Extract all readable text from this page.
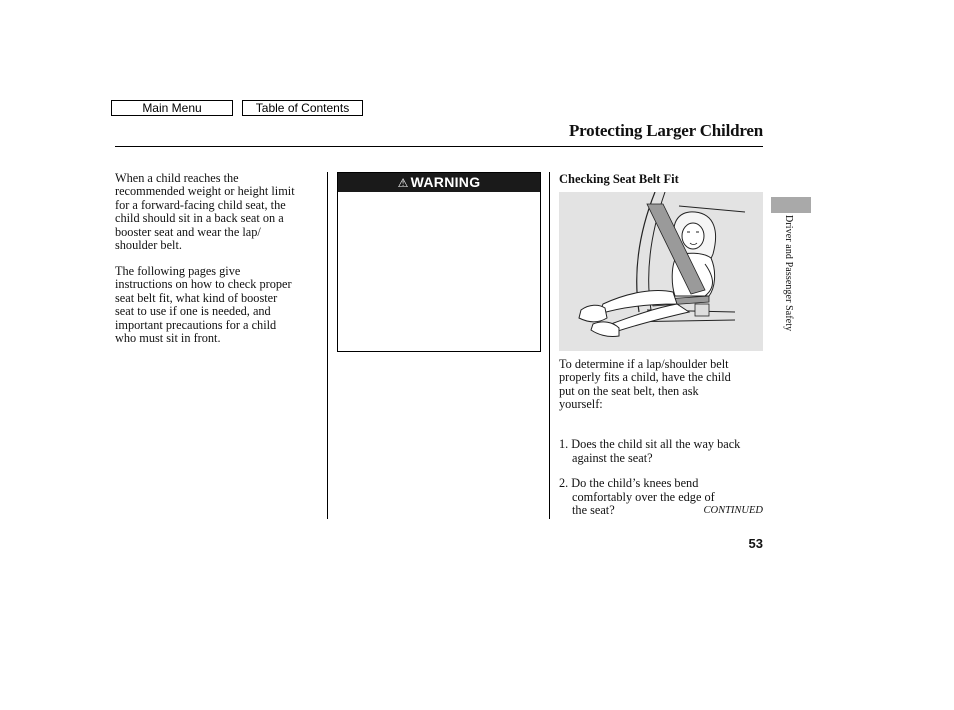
Main Menu	Table of Contents
Protecting Larger Children
When a child reaches the
recommended weight or height limit
for a forward-facing child seat, the
child should sit in a back seat on a
booster seat and wear the lap/
shoulder belt.
The following pages give
instructions on how to check proper
seat belt fit, what kind of booster
seat to use if one is needed, and
important precautions for a child
who must sit in front.
⚠ WARNING	Checking Seat Belt Fit
To determine if a lap/shoulder belt
properly fits a child, have the child
put on the seat belt, then ask
yourself:

1. Does the child sit all the way back

against the seat?

2. Do the child’s knees bend

comfortably over the edge of
the seat?	CONTINUED
53
Driver and Passenger Safety
